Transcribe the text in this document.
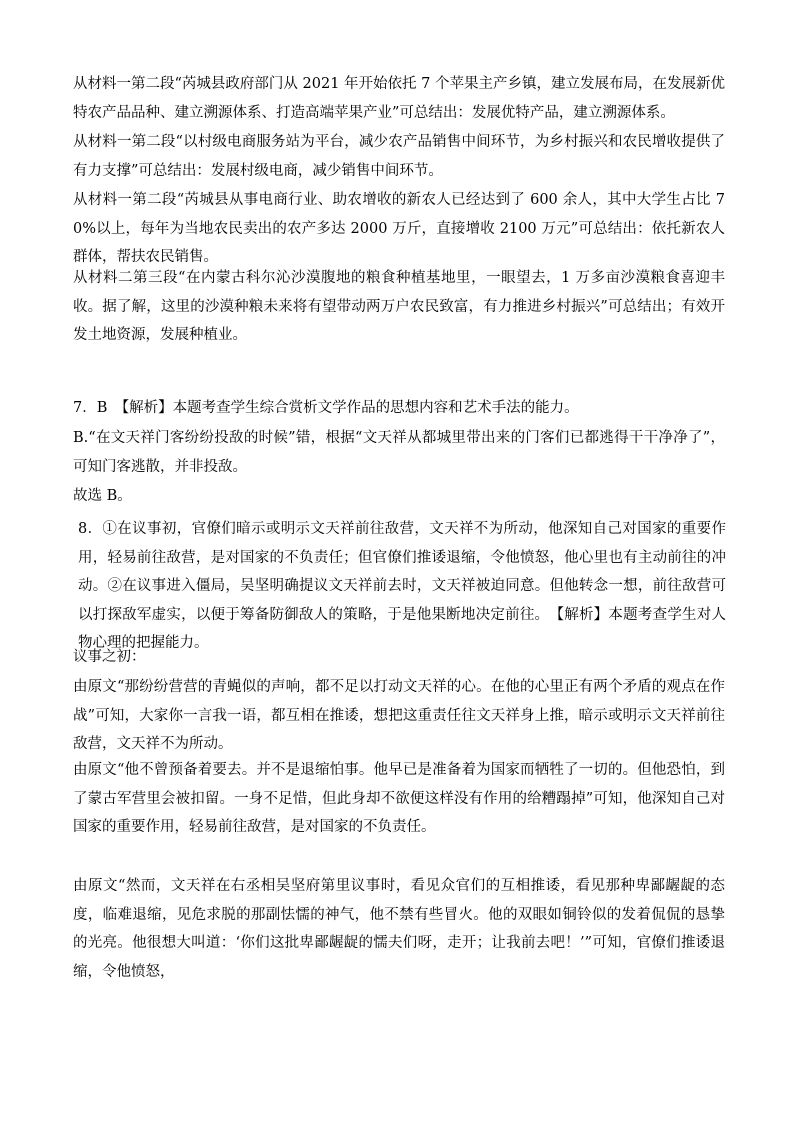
从材料一第二段“芮城县政府部门从 2021 年开始依托 7 个苹果主产乡镇，建立发展布局，在发展新优特农产品品种、建立溯源体系、打造高端苹果产业”可总结出：发展优特产品，建立溯源体系。

从材料一第二段“以村级电商服务站为平台，减少农产品销售中间环节，为乡村振兴和农民增收提供了有力支撑”可总结出：发展村级电商，减少销售中间环节。

从材料一第二段“芮城县从事电商行业、助农增收的新农人已经达到了 600 余人，其中大学生占比 70%以上，每年为当地农民卖出的农产多达 2000 万斤，直接增收 2100 万元”可总结出：依托新农人群体，帮扶农民销售。

从材料二第三段“在内蒙古科尔沁沙漠腹地的粮食种植基地里，一眼望去，1 万多亩沙漠粮食喜迎丰收。据了解，这里的沙漠种粮未来将有望带动两万户农民致富，有力推进乡村振兴”可总结出；有效开发土地资源，发展种植业。

7．B　【解析】本题考查学生综合赏析文学作品的思想内容和艺术手法的能力。

B.“在文天祥门客纷纷投敌的时候”错，根据“文天祥从都城里带出来的门客们已都逃得干干净净了”，可知门客逃散，并非投敌。

故选 B。

8．①在议事初，官僚们暗示或明示文天祥前往敌营，文天祥不为所动，他深知自己对国家的重要作用，轻易前往敌营，是对国家的不负责任；但官僚们推诿退缩，令他愤怒，他心里也有主动前往的冲动。②在议事进入僵局，吴坚明确提议文天祥前去时，文天祥被迫同意。但他转念一想，前往敌营可以打探敌军虚实，以便于筹备防御敌人的策略，于是他果断地决定前往。　【解析】本题考查学生对人物心理的把握能力。

议事之初：

由原文“那纷纷营营的青蝇似的声响，都不足以打动文天祥的心。在他的心里正有两个矛盾的观点在作战”可知，大家你一言我一语，都互相在推诿，想把这重责任往文天祥身上推，暗示或明示文天祥前往敌营，文天祥不为所动。

由原文“他不曾预备着要去。并不是退缩怕事。他早已是准备着为国家而牺牲了一切的。但他恐怕，到了蒙古军营里会被扣留。一身不足惜，但此身却不欲便这样没有作用的给糟蹋掉”可知，他深知自己对国家的重要作用，轻易前往敌营，是对国家的不负责任。

由原文“然而，文天祥在右丞相吴坚府第里议事时，看见众官们的互相推诿，看见那种卑鄙龌龊的态度，临难退缩，见危求脱的那副怯懦的神气，他不禁有些冒火。他的双眼如铜铃似的发着侃侃的恳挚的光亮。他很想大叫道：‘你们这批卑鄙龌龊的懦夫们呀，走开；让我前去吧！’”可知，官僚们推诿退缩，令他愤怒，
